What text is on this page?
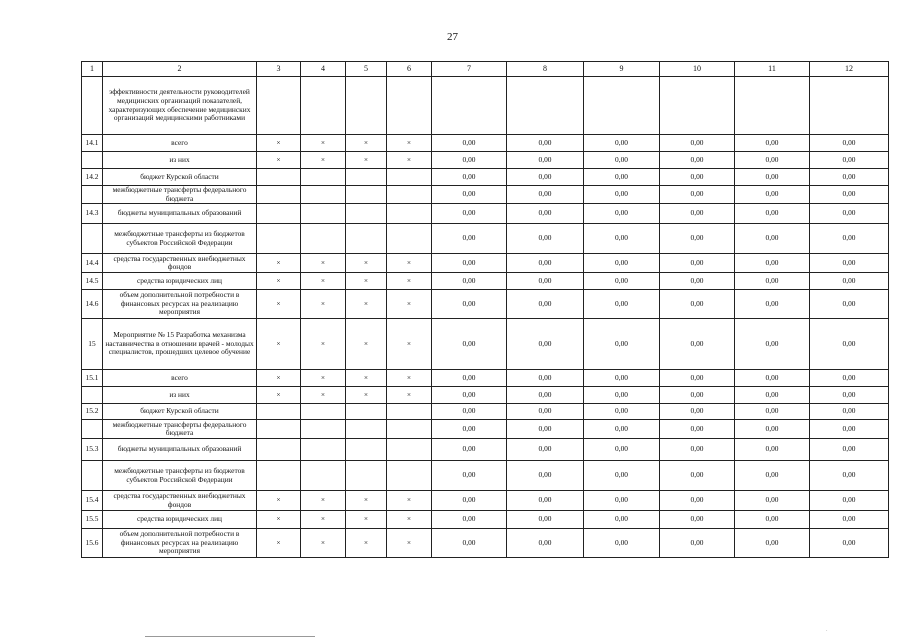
27
1	2	3	4	5	6	7	8	9	10	11	12
	эффективности деятельности руководителей медицинских организаций показателей, характеризующих обеспечение медицинских организаций медицинскими работниками										
14.1	всего	×	×	×	×	0,00	0,00	0,00	0,00	0,00	0,00
	из них	×	×	×	×	0,00	0,00	0,00	0,00	0,00	0,00
14.2	бюджет Курской области					0,00	0,00	0,00	0,00	0,00	0,00
	межбюджетные трансферты федерального бюджета					0,00	0,00	0,00	0,00	0,00	0,00
14.3	бюджеты муниципальных образований					0,00	0,00	0,00	0,00	0,00	0,00
	межбюджетные трансферты из бюджетов субъектов Российской Федерации					0,00	0,00	0,00	0,00	0,00	0,00
14.4	средства государственных внебюджетных фондов	×	×	×	×	0,00	0,00	0,00	0,00	0,00	0,00
14.5	средства юридических лиц	×	×	×	×	0,00	0,00	0,00	0,00	0,00	0,00
14.6	объем дополнительной потребности в финансовых ресурсах на реализацию мероприятия	×	×	×	×	0,00	0,00	0,00	0,00	0,00	0,00
15	Мероприятие № 15 Разработка механизма наставничества в отношении врачей - молодых специалистов, прошедших целевое обучение	×	×	×	×	0,00	0,00	0,00	0,00	0,00	0,00
15.1	всего	×	×	×	×	0,00	0,00	0,00	0,00	0,00	0,00
	из них	×	×	×	×	0,00	0,00	0,00	0,00	0,00	0,00
15.2	бюджет Курской области					0,00	0,00	0,00	0,00	0,00	0,00
	межбюджетные трансферты федерального бюджета					0,00	0,00	0,00	0,00	0,00	0,00
15.3	бюджеты муниципальных образований					0,00	0,00	0,00	0,00	0,00	0,00
	межбюджетные трансферты из бюджетов субъектов Российской Федерации					0,00	0,00	0,00	0,00	0,00	0,00
15.4	средства государственных внебюджетных фондов	×	×	×	×	0,00	0,00	0,00	0,00	0,00	0,00
15.5	средства юридических лиц	×	×	×	×	0,00	0,00	0,00	0,00	0,00	0,00
15.6	объем дополнительной потребности в финансовых ресурсах на реализацию мероприятия	×	×	×	×	0,00	0,00	0,00	0,00	0,00	0,00
.
